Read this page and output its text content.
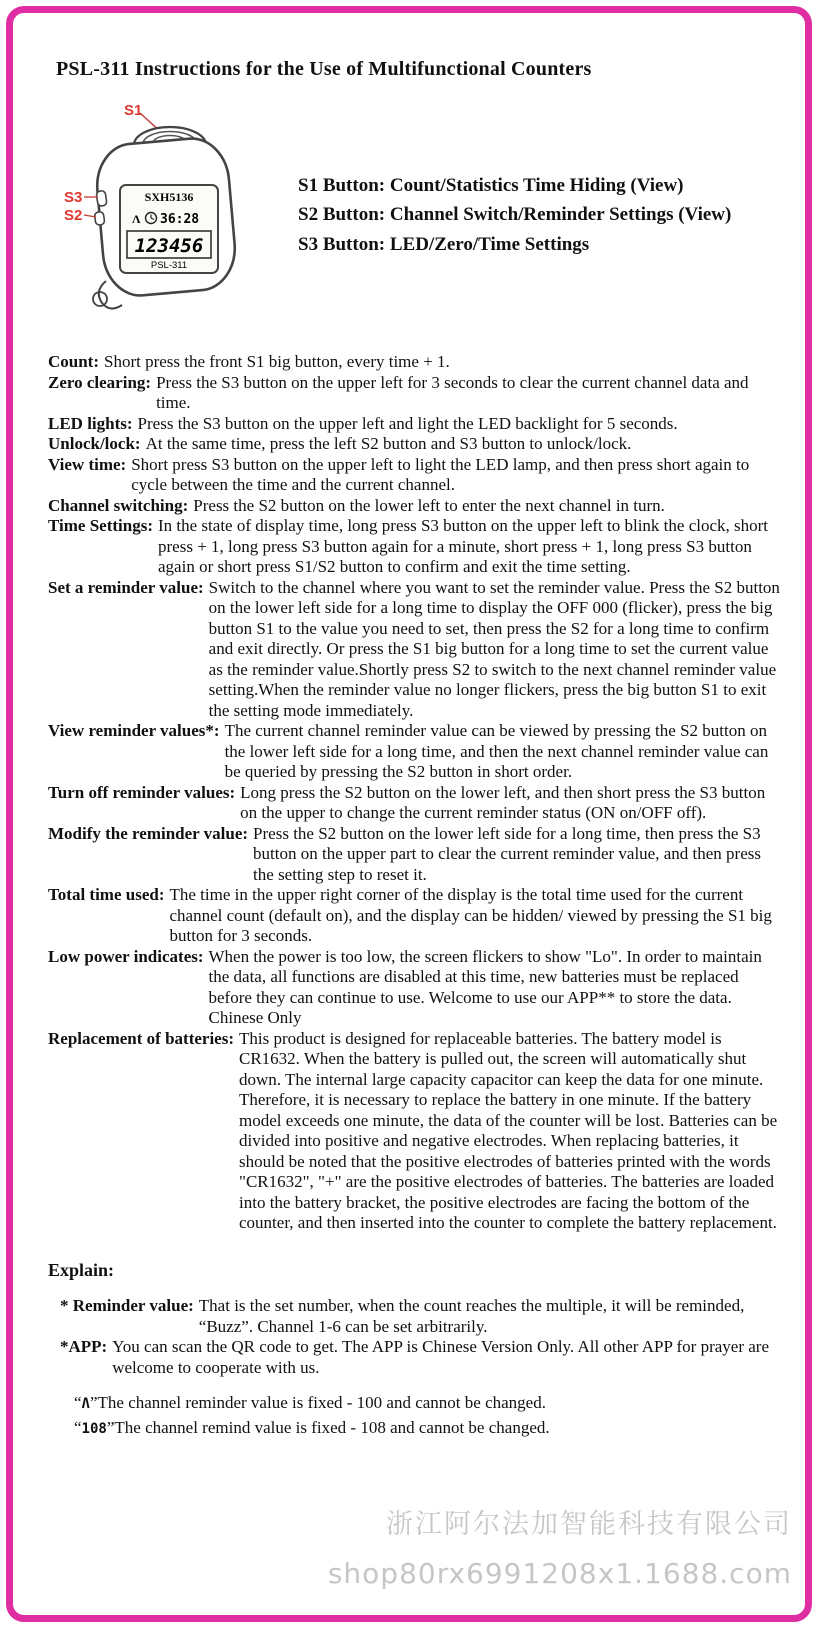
PSL-311 Instructions for the Use of Multifunctional Counters
S1
S3
S2
SXH5136
Ʌ 36:28
123456
PSL-311
S1 Button: Count/Statistics Time Hiding (View)
S2 Button: Channel Switch/Reminder Settings (View)
S3 Button: LED/Zero/Time Settings
Count: Short press the front S1 big button, every time + 1.
Zero clearing: Press the S3 button on the upper left for 3 seconds to clear the current channel data and time.
LED lights: Press the S3 button on the upper left and light the LED backlight for 5 seconds.
Unlock/lock: At the same time, press the left S2 button and S3 button to unlock/lock.
View time: Short press S3 button on the upper left to light the LED lamp, and then press short again to cycle between the time and the current channel.
Channel switching: Press the S2 button on the lower left to enter the next channel in turn.
Time Settings: In the state of display time, long press S3 button on the upper left to blink the clock, short press + 1, long press S3 button again for a minute, short press + 1, long press S3 button again or short press S1/S2 button to confirm and exit the time setting.
Set a reminder value: Switch to the channel where you want to set the reminder value. Press the S2 button on the lower left side for a long time to display the OFF 000 (flicker), press the big button S1 to the value you need to set, then press the S2 for a long time to confirm and exit directly. Or press the S1 big button for a long time to set the current value as the reminder value.Shortly press S2 to switch to the next channel reminder value setting.When the reminder value no longer flickers, press the big button S1 to exit the setting mode immediately.
View reminder values*: The current channel reminder value can be viewed by pressing the S2 button on the lower left side for a long time, and then the next channel reminder value can be queried by pressing the S2 button in short order.
Turn off reminder values: Long press the S2 button on the lower left, and then short press the S3 button on the upper to change the current reminder status (ON on/OFF off).
Modify the reminder value: Press the S2 button on the lower left side for a long time, then press the S3 button on the upper part to clear the current reminder value, and then press the setting step to reset it.
Total time used: The time in the upper right corner of the display is the total time used for the current channel count (default on), and the display can be hidden/ viewed by pressing the S1 big button for 3 seconds.
Low power indicates: When the power is too low, the screen flickers to show "Lo". In order to maintain the data, all functions are disabled at this time, new batteries must be replaced before they can continue to use. Welcome to use our APP** to store the data. Chinese Only
Replacement of batteries: This product is designed for replaceable batteries. The battery model is CR1632. When the battery is pulled out, the screen will automatically shut down. The internal large capacity capacitor can keep the data for one minute. Therefore, it is necessary to replace the battery in one minute. If the battery model exceeds one minute, the data of the counter will be lost. Batteries can be divided into positive and negative electrodes. When replacing batteries, it should be noted that the positive electrodes of batteries printed with the words "CR1632", "+" are the positive electrodes of batteries. The batteries are loaded into the battery bracket, the positive electrodes are facing the bottom of the counter, and then inserted into the counter to complete the battery replacement.
Explain:
* Reminder value: That is the set number, when the count reaches the multiple, it will be reminded, “Buzz”. Channel 1-6 can be set arbitrarily.
*APP: You can scan the QR code to get. The APP is Chinese Version Only. All other APP for prayer are welcome to cooperate with us.
“Ʌ”The channel reminder value is fixed - 100 and cannot be changed.
“108”The channel remind value is fixed - 108 and cannot be changed.
浙江阿尔法加智能科技有限公司
shop80rx6991208x1.1688.com
